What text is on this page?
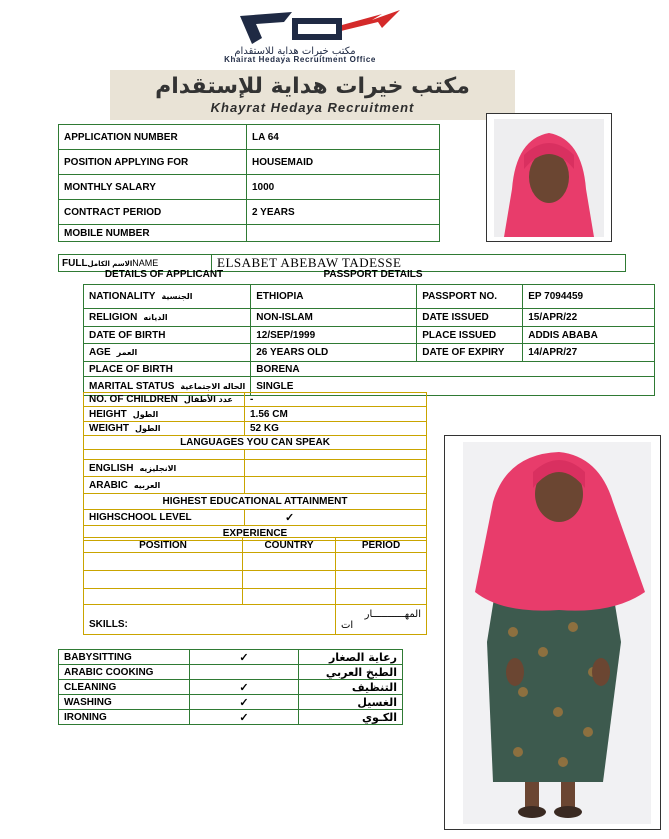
مكتب خيرات هداية للاستقدام
Khairat Hedaya Recruitment Office
مكتب خيرات هداية للإستقدام
Khayrat Hedaya Recruitment
APPLICATION NUMBER	LA 64
POSITION APPLYING FOR	HOUSEMAID
MONTHLY SALARY	1000
CONTRACT PERIOD	2 YEARS
MOBILE NUMBER	
FULLالاسم الكاملNAME	ELSABET ABEBAW TADESSE
DETAILS OF APPLICANT	PASSPORT DETAILS
NATIONALITY الجنسية	ETHIOPIA	PASSPORT NO.	EP 7094459
RELIGION الديانه	NON-ISLAM	DATE ISSUED	15/APR/22
DATE OF BIRTH	12/SEP/1999	PLACE ISSUED	ADDIS ABABA
AGE العمر	26 YEARS OLD	DATE OF EXPIRY	14/APR/27
PLACE OF BIRTH	BORENA		
MARITAL STATUS الحاله الاجتماعية	SINGLE		
NO. OF CHILDREN عدد الأطفال	-
HEIGHT الطول	1.56 CM
WEIGHT الطول	52 KG
LANGUAGES YOU CAN SPEAK	

ENGLISH الانجليزيه	
ARABIC العربيه	
HIGHEST EDUCATIONAL ATTAINMENT	
HIGHSCHOOL LEVEL	✓
EXPERIENCE	
POSITION	COUNTRY	PERIOD

SKILLS:		المهـــــــــــار
ات
BABYSITTING	✓	رعاية الصغار
ARABIC COOKING		الطبخ العربي
CLEANING	✓	التنظيف
WASHING	✓	الغسيل
IRONING	✓	الكـوي
